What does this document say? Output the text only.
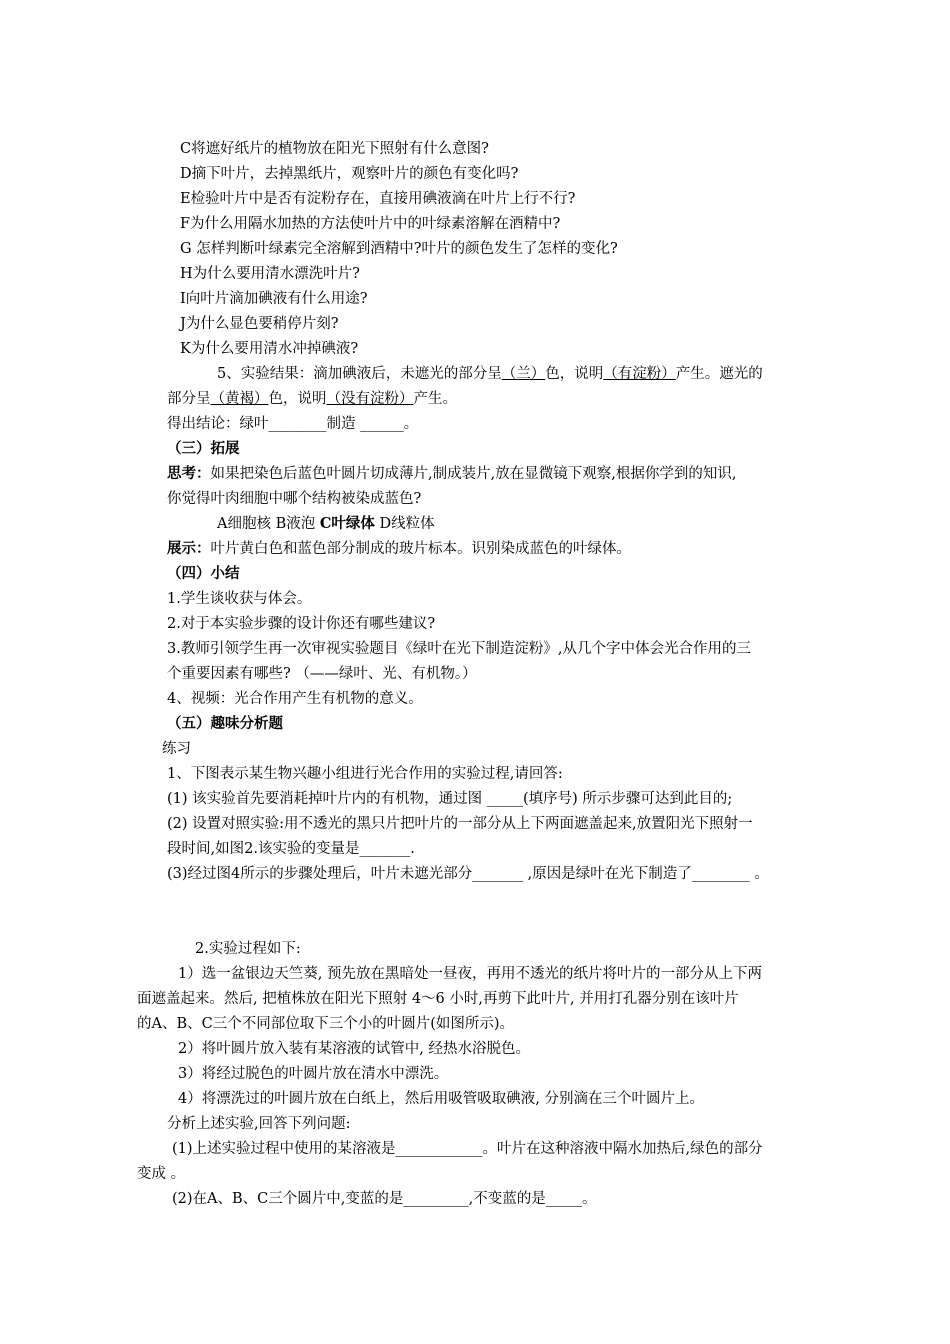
C将遮好纸片的植物放在阳光下照射有什么意图?
D摘下叶片，去掉黑纸片，观察叶片的颜色有变化吗?
E检验叶片中是否有淀粉存在，直接用碘液滴在叶片上行不行?
F为什么用隔水加热的方法使叶片中的叶绿素溶解在酒精中?
G 怎样判断叶绿素完全溶解到酒精中?叶片的颜色发生了怎样的变化?
H为什么要用清水漂洗叶片?
I向叶片滴加碘液有什么用途?
J为什么显色要稍停片刻?
K为什么要用清水冲掉碘液?
5、实验结果：滴加碘液后，未遮光的部分呈（兰）色，说明（有淀粉）产生。遮光的
部分呈（黄褐）色，说明（没有淀粉）产生。
得出结论：绿叶________制造 ______。
（三）拓展
思考：如果把染色后蓝色叶圆片切成薄片,制成装片,放在显微镜下观察,根据你学到的知识,
你觉得叶肉细胞中哪个结构被染成蓝色?
A细胞核 B液泡 C叶绿体 D线粒体
展示：叶片黄白色和蓝色部分制成的玻片标本。识别染成蓝色的叶绿体。
（四）小结
1.学生谈收获与体会。
2.对于本实验步骤的设计你还有哪些建议?
3.教师引领学生再一次审视实验题目《绿叶在光下制造淀粉》,从几个字中体会光合作用的三
个重要因素有哪些? （——绿叶、光、有机物。）
4、视频：光合作用产生有机物的意义。
（五）趣味分析题
练习
1、下图表示某生物兴趣小组进行光合作用的实验过程,请回答:
(1) 该实验首先要消耗掉叶片内的有机物，通过图 _____(填序号) 所示步骤可达到此目的;
(2) 设置对照实验:用不透光的黑只片把叶片的一部分从上下两面遮盖起来,放置阳光下照射一
段时间,如图2.该实验的变量是_______.
(3)经过图4所示的步骤处理后，叶片未遮光部分_______ ,原因是绿叶在光下制造了________ 。
2.实验过程如下:
1）选一盆银边天竺葵, 预先放在黑暗处一昼夜，再用不透光的纸片将叶片的一部分从上下两
面遮盖起来。然后, 把植株放在阳光下照射 4～6 小时,再剪下此叶片, 并用打孔器分别在该叶片
的A、B、C三个不同部位取下三个小的叶圆片(如图所示)。
2）将叶圆片放入装有某溶液的试管中, 经热水浴脱色。
3）将经过脱色的叶圆片放在清水中漂洗。
4）将漂洗过的叶圆片放在白纸上，然后用吸管吸取碘液, 分别滴在三个叶圆片上。
分析上述实验,回答下列问题:
(1)上述实验过程中使用的某溶液是____________。叶片在这种溶液中隔水加热后,绿色的部分
变成 。
(2)在A、B、C三个圆片中,变蓝的是_________,不变蓝的是_____。
